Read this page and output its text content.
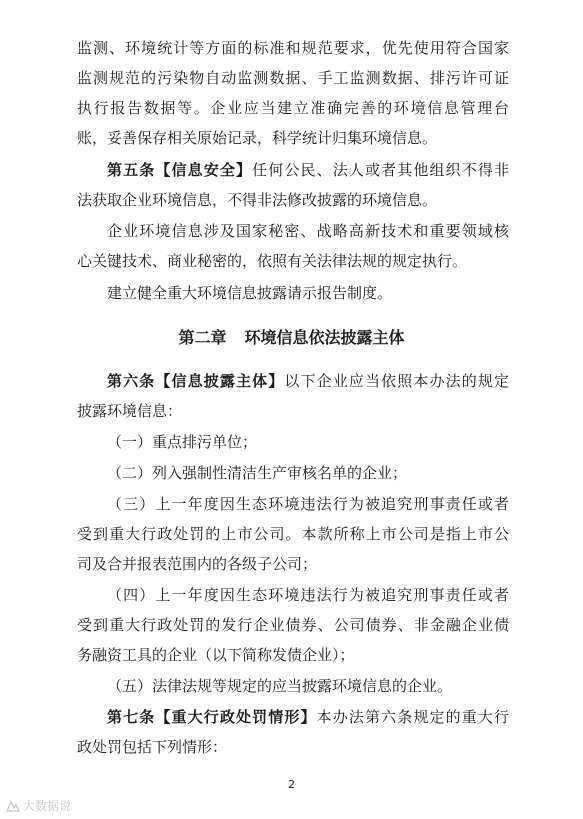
监测、环境统计等方面的标准和规范要求，优先使用符合国家
监测规范的污染物自动监测数据、手工监测数据、排污许可证
执行报告数据等。企业应当建立准确完善的环境信息管理台
账，妥善保存相关原始记录，科学统计归集环境信息。
第五条【信息安全】任何公民、法人或者其他组织不得非
法获取企业环境信息，不得非法修改披露的环境信息。
企业环境信息涉及国家秘密、战略高新技术和重要领域核
心关键技术、商业秘密的，依照有关法律法规的规定执行。
建立健全重大环境信息披露请示报告制度。
第二章 环境信息依法披露主体
第六条【信息披露主体】以下企业应当依照本办法的规定
披露环境信息：
（一）重点排污单位；
（二）列入强制性清洁生产审核名单的企业；
（三）上一年度因生态环境违法行为被追究刑事责任或者
受到重大行政处罚的上市公司。本款所称上市公司是指上市公
司及合并报表范围内的各级子公司；
（四）上一年度因生态环境违法行为被追究刑事责任或者
受到重大行政处罚的发行企业债券、公司债券、非金融企业债
务融资工具的企业（以下简称发债企业）；
（五）法律法规等规定的应当披露环境信息的企业。
第七条【重大行政处罚情形】本办法第六条规定的重大行
政处罚包括下列情形：
2
大数据说
